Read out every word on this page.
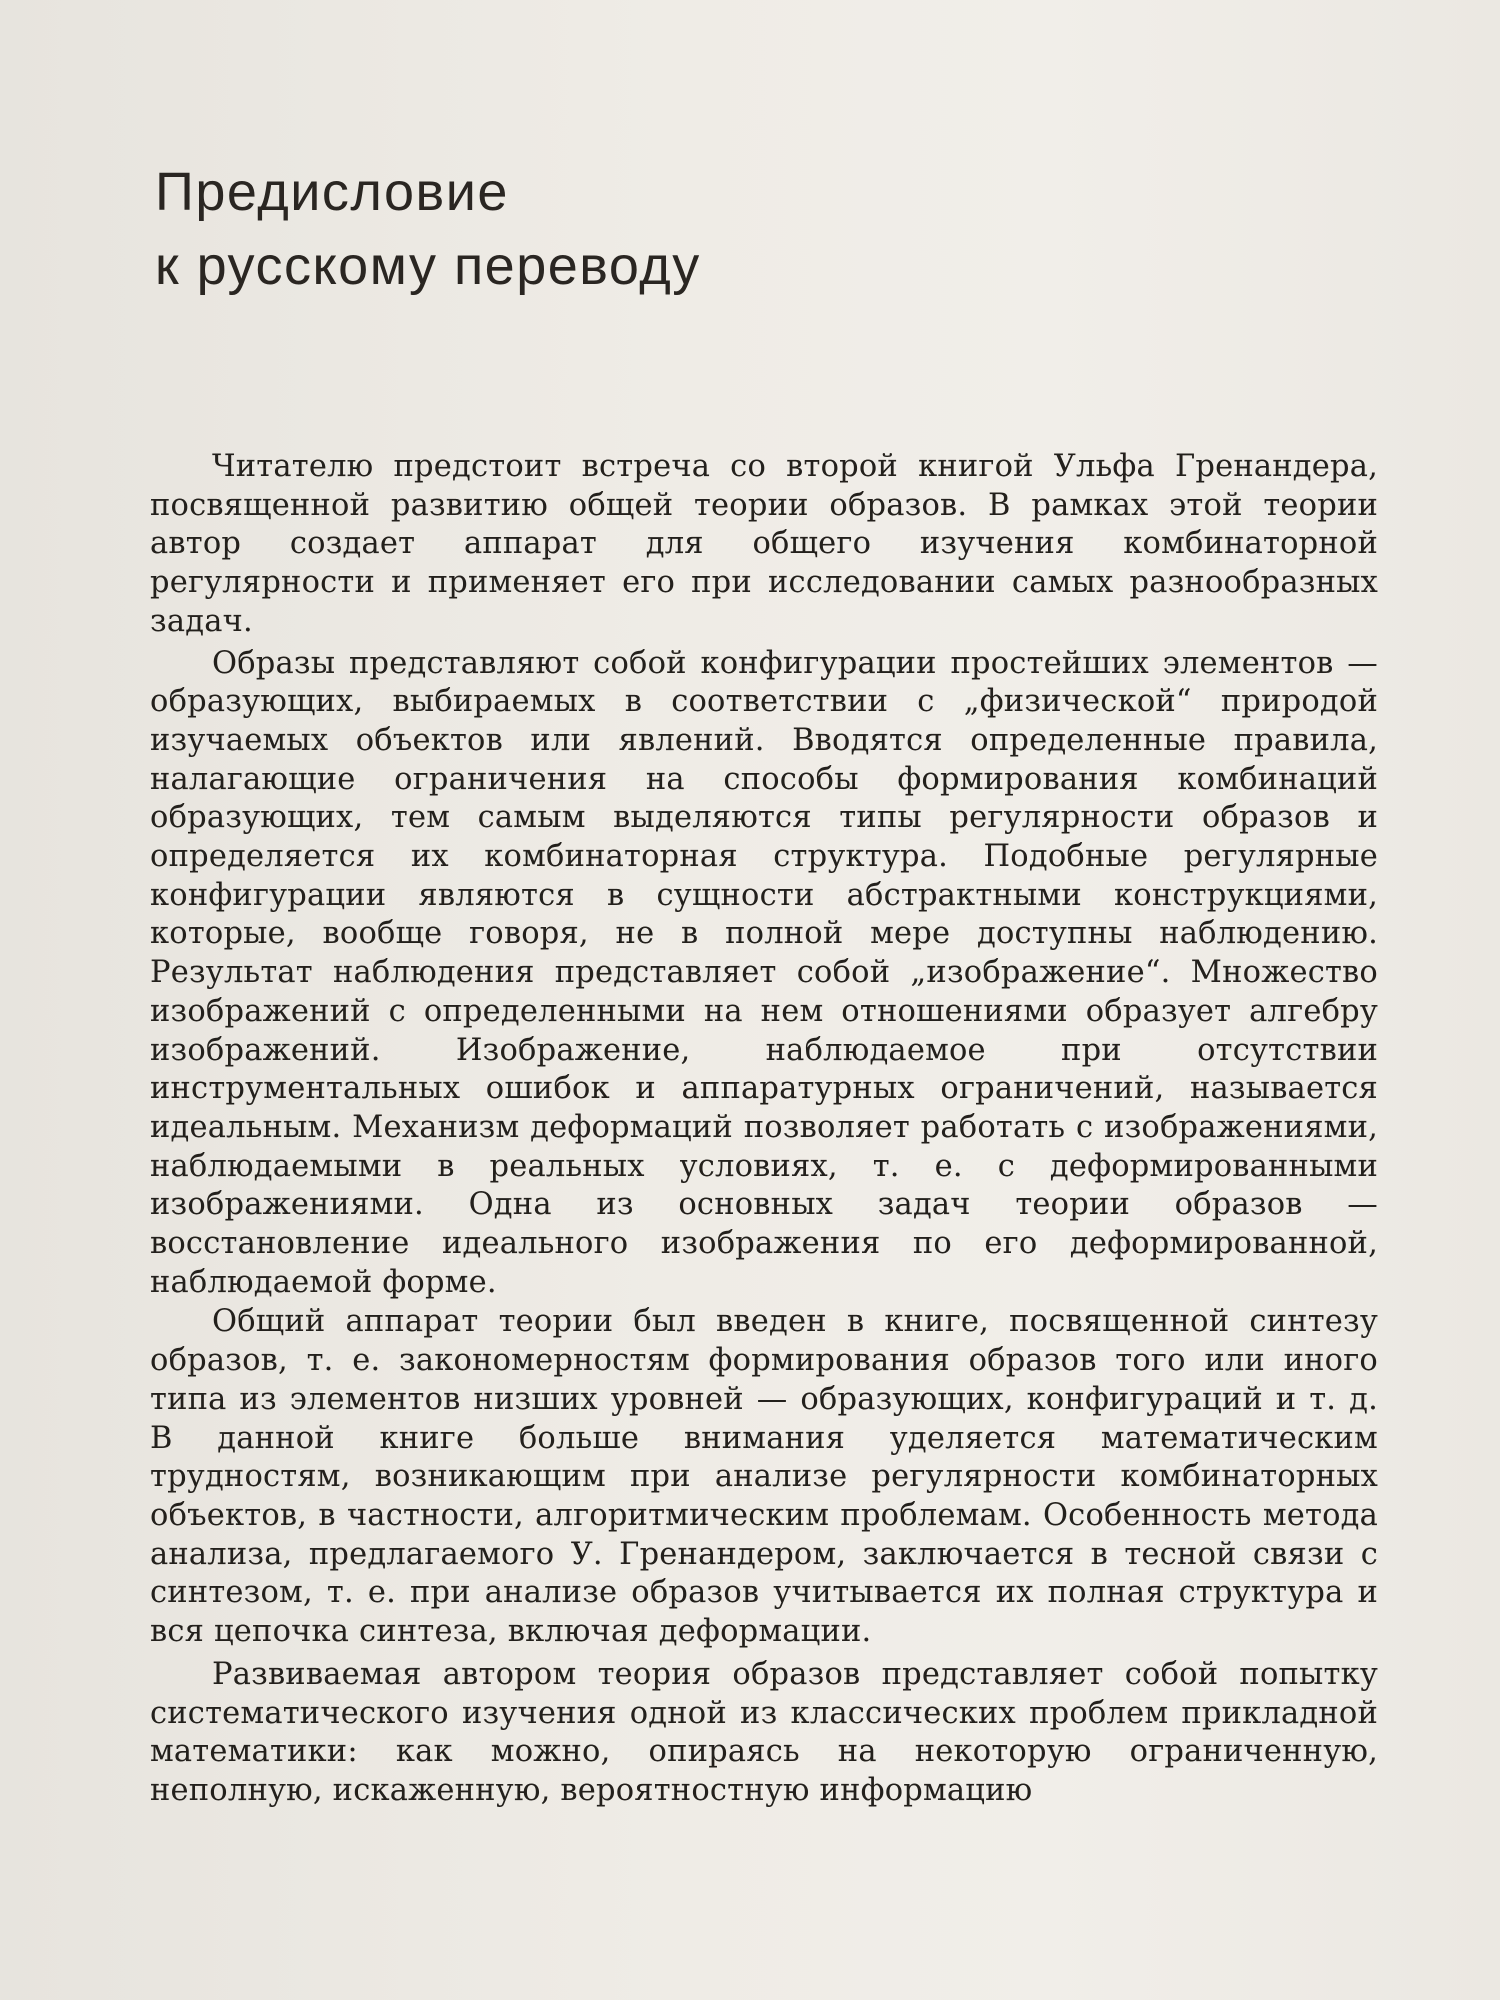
Предисловие
к русскому переводу

Читателю предстоит встреча со второй книгой Ульфа Гренандера, посвященной развитию общей теории образов. В рамках этой теории автор создает аппарат для общего изучения комбинаторной регулярности и применяет его при исследовании самых разнообразных задач.

Образы представляют собой конфигурации простейших элементов — образующих, выбираемых в соответствии с „физической“ природой изучаемых объектов или явлений. Вводятся определенные правила, налагающие ограничения на способы формирования комбинаций образующих, тем самым выделяются типы регулярности образов и определяется их комбинаторная структура. Подобные регулярные конфигурации являются в сущности абстрактными конструкциями, которые, вообще говоря, не в полной мере доступны наблюдению. Результат наблюдения представляет собой „изображение“. Множество изображений с определенными на нем отношениями образует алгебру изображений. Изображение, наблюдаемое при отсутствии инструментальных ошибок и аппаратурных ограничений, называется идеальным. Механизм деформаций позволяет работать с изображениями, наблюдаемыми в реальных условиях, т. е. с деформированными изображениями. Одна из основных задач теории образов — восстановление идеального изображения по его деформированной, наблюдаемой форме.

Общий аппарат теории был введен в книге, посвященной синтезу образов, т. е. закономерностям формирования образов того или иного типа из элементов низших уровней — образующих, конфигураций и т. д. В данной книге больше внимания уделяется математическим трудностям, возникающим при анализе регулярности комбинаторных объектов, в частности, алгоритмическим проблемам. Особенность метода анализа, предлагаемого У. Гренандером, заключается в тесной связи с синтезом, т. е. при анализе образов учитывается их полная структура и вся цепочка синтеза, включая деформации.

Развиваемая автором теория образов представляет собой попытку систематического изучения одной из классических проблем прикладной математики: как можно, опираясь на некоторую ограниченную, неполную, искаженную, вероятностную информацию
